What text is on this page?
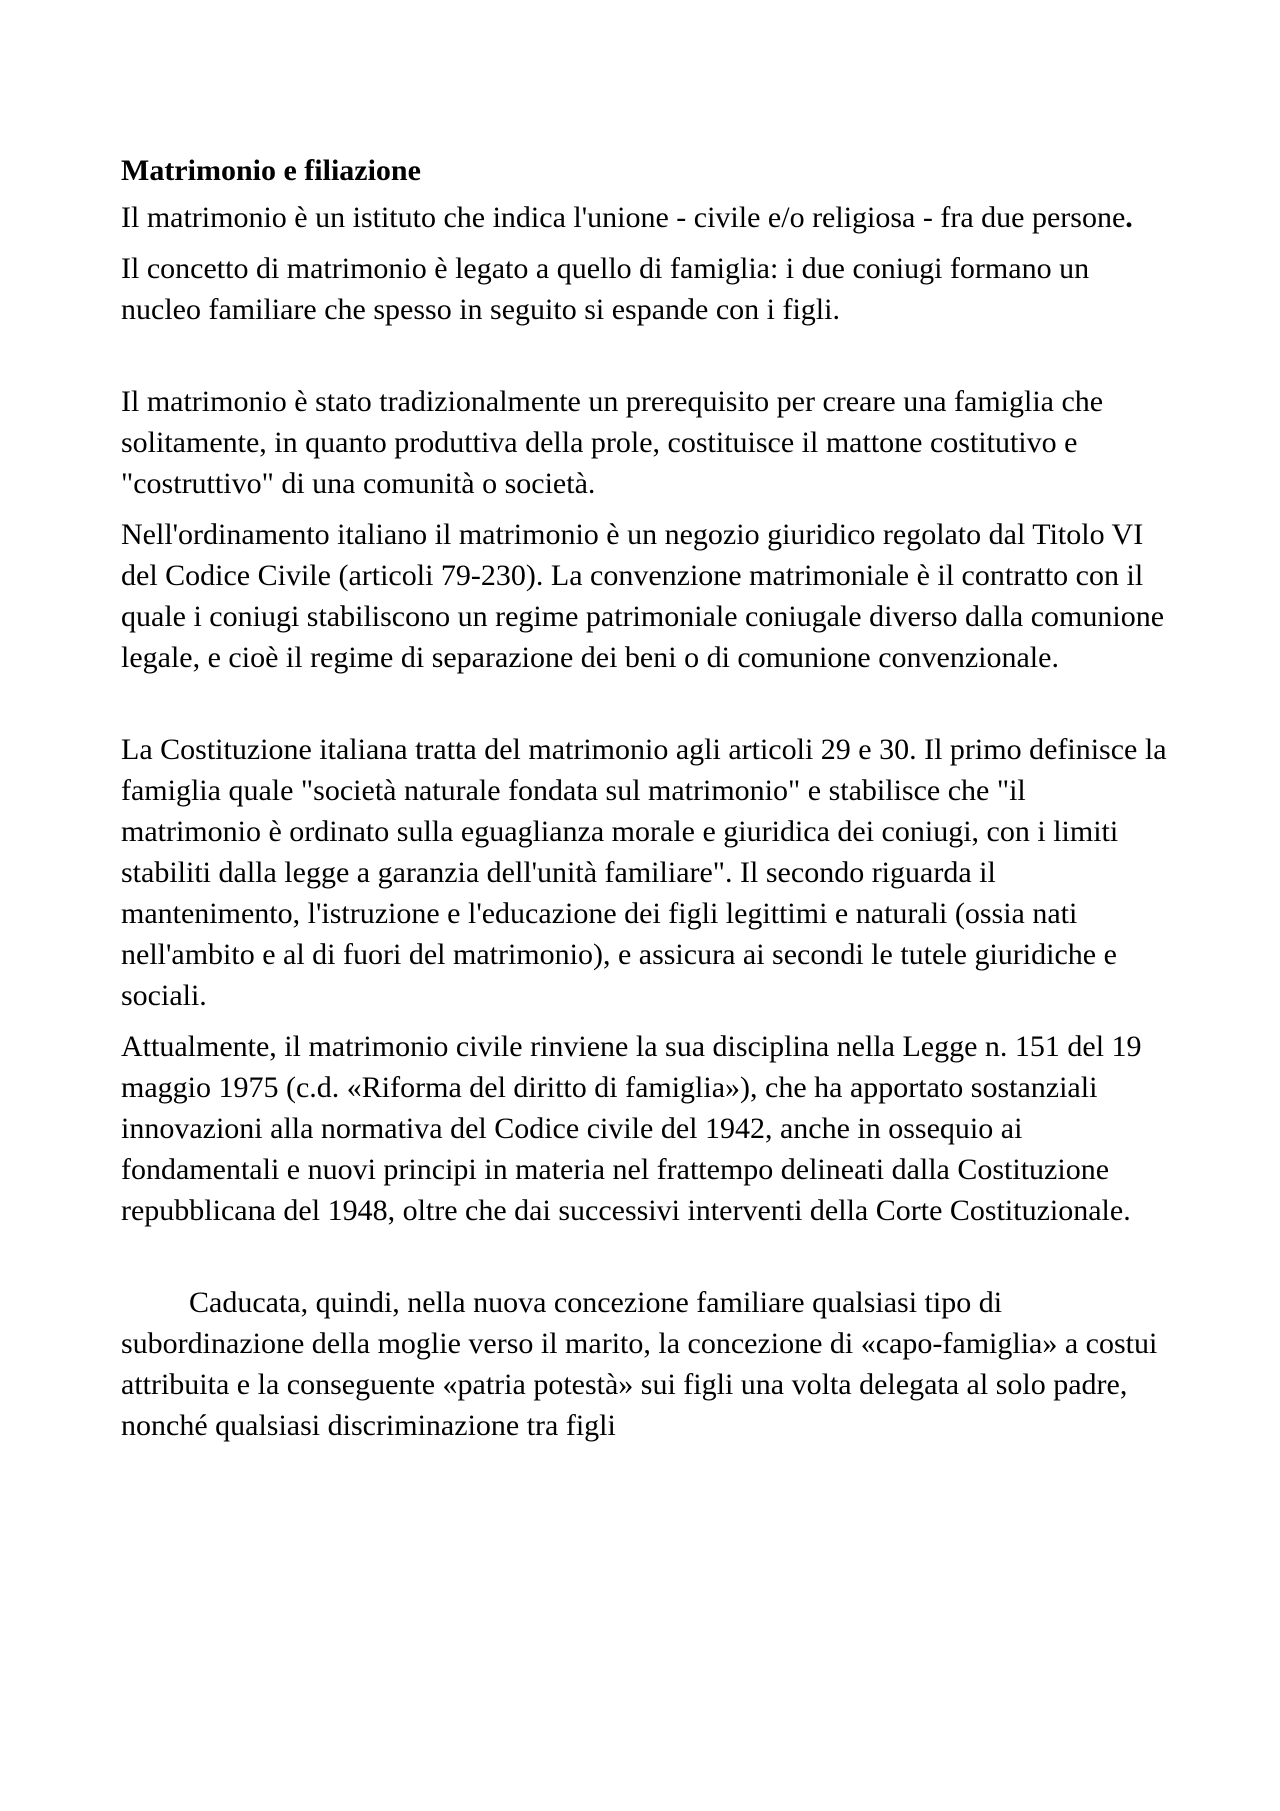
Matrimonio e filiazione

Il matrimonio è un istituto che indica l'unione - civile e/o religiosa - fra due persone.

Il concetto di matrimonio è legato a quello di famiglia: i due coniugi formano un nucleo familiare che spesso in seguito si espande con i figli.

Il matrimonio è stato tradizionalmente un prerequisito per creare una famiglia che solitamente, in quanto produttiva della prole, costituisce il mattone costitutivo e "costruttivo" di una comunità o società.

Nell'ordinamento italiano il matrimonio è un negozio giuridico regolato dal Titolo VI del Codice Civile (articoli 79-230). La convenzione matrimoniale è il contratto con il quale i coniugi stabiliscono un regime patrimoniale coniugale diverso dalla comunione legale, e cioè il regime di separazione dei beni o di comunione convenzionale.

La Costituzione italiana tratta del matrimonio agli articoli 29 e 30. Il primo definisce la famiglia quale "società naturale fondata sul matrimonio" e stabilisce che "il matrimonio è ordinato sulla eguaglianza morale e giuridica dei coniugi, con i limiti stabiliti dalla legge a garanzia dell'unità familiare". Il secondo riguarda il mantenimento, l'istruzione e l'educazione dei figli legittimi e naturali (ossia nati nell'ambito e al di fuori del matrimonio), e assicura ai secondi le tutele giuridiche e sociali.

Attualmente, il matrimonio civile rinviene la sua disciplina nella Legge n. 151 del 19 maggio 1975 (c.d. «Riforma del diritto di famiglia»), che ha apportato sostanziali innovazioni alla normativa del Codice civile del 1942, anche in ossequio ai fondamentali e nuovi principi in materia nel frattempo delineati dalla Costituzione repubblicana del 1948, oltre che dai successivi interventi della Corte Costituzionale.

Caducata, quindi, nella nuova concezione familiare qualsiasi tipo di subordinazione della moglie verso il marito, la concezione di «capo-famiglia» a costui attribuita e la conseguente «patria potestà» sui figli una volta delegata al solo padre, nonché qualsiasi discriminazione tra figli
